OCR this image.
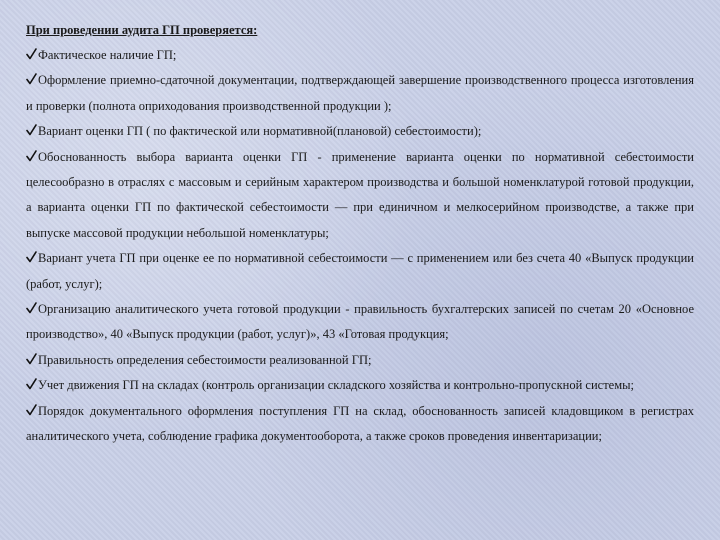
При проведении аудита ГП проверяется:

Фактическое наличие ГП;

Оформление приемно-сдаточной документации, подтверждающей завершение производственного процесса изготовления и проверки (полнота оприходования производственной продукции );

Вариант оценки ГП ( по фактической или нормативной(плановой) себестоимости);

Обоснованность выбора варианта оценки ГП - применение варианта оценки по нормативной себестоимости целесообразно в отраслях с массовым и серийным характером производства и большой номенклатурой готовой продукции, а варианта оценки ГП по фактической себестоимости — при единичном и мелкосерийном производстве, а также при выпуске массовой продукции небольшой номенклатуры;

Вариант учета ГП при оценке ее по нормативной себестоимости — с применением или без счета 40 «Выпуск продукции (работ, услуг);

Организацию аналитического учета готовой продукции - правильность бухгалтерских записей по счетам 20 «Основное производство», 40 «Выпуск продукции (работ, услуг)», 43 «Готовая продукция;

Правильность определения себестоимости реализованной ГП;

Учет движения ГП на складах (контроль организации складского хозяйства и контрольно-пропускной системы;

Порядок документального оформления поступления ГП на склад, обоснованность записей кладовщиком в регистрах аналитического учета, соблюдение графика документооборота, а также сроков проведения инвентаризации;
